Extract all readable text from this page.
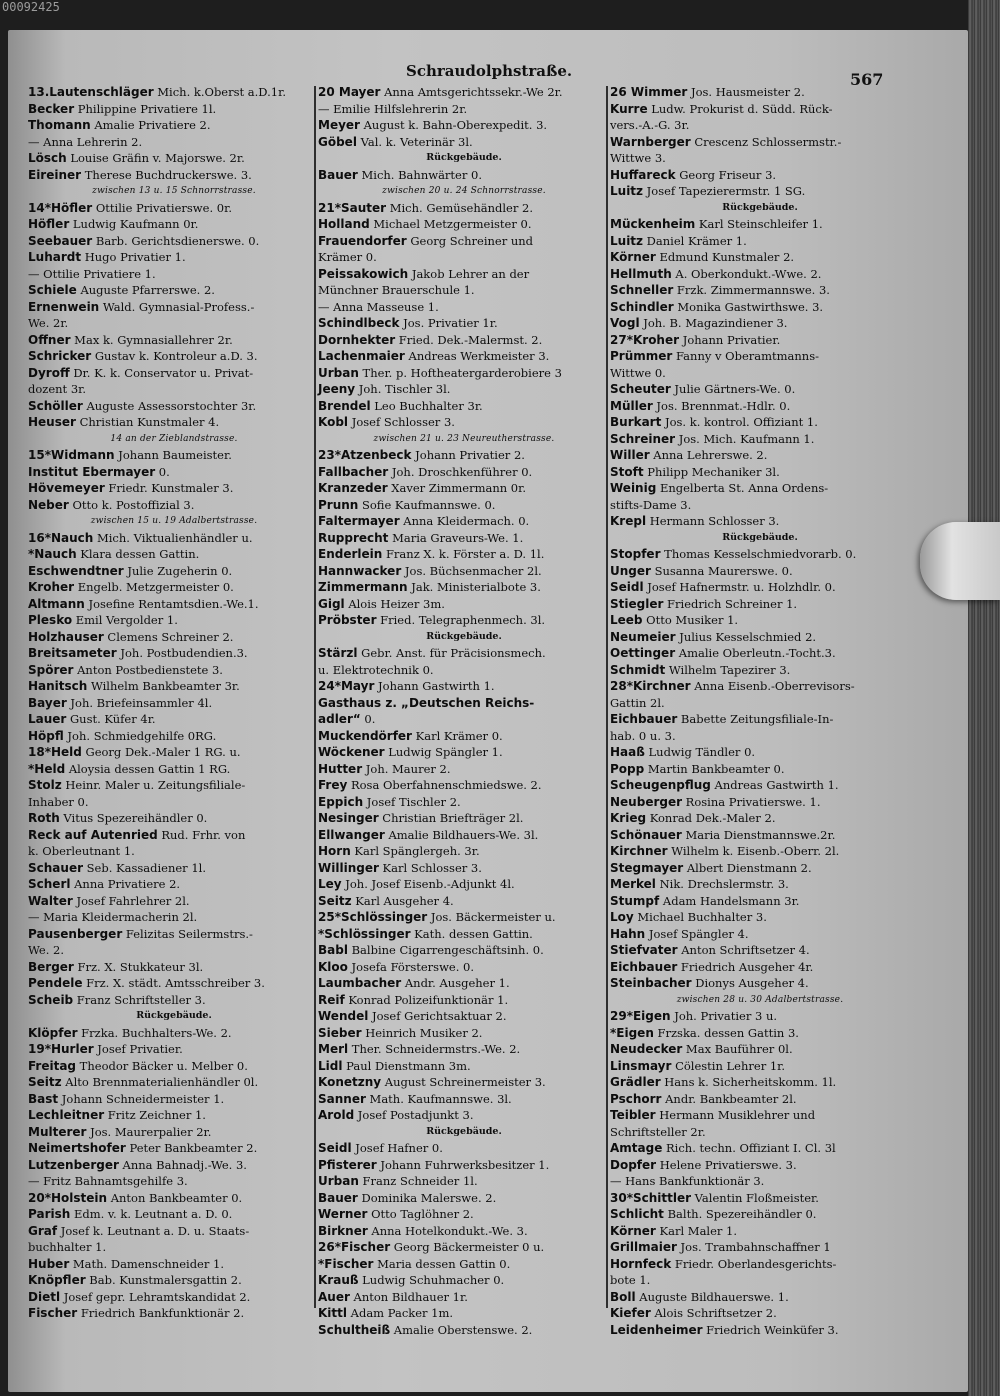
00092425
Schraudolphstraße.	567
13.Lautenschläger Mich. k.Oberst a.D.1r.
Becker Philippine Privatiere 1l.
Thomann Amalie Privatiere 2.
— Anna Lehrerin 2.
Lösch Louise Gräfin v. Majorswe. 2r.
Eireiner Therese Buchdruckerswe. 3.
zwischen 13 u. 15 Schnorrstrasse.
14*Höfler Ottilie Privatierswe. 0r.
Höfler Ludwig Kaufmann 0r.
Seebauer Barb. Gerichtsdienerswe. 0.
Luhardt Hugo Privatier 1.
— Ottilie Privatiere 1.
Schiele Auguste Pfarrerswe. 2.
Ernenwein Wald. Gymnasial-Profess.-
We. 2r.
Offner Max k. Gymnasiallehrer 2r.
Schricker Gustav k. Kontroleur a.D. 3.
Dyroff Dr. K. k. Conservator u. Privat-
dozent 3r.
Schöller Auguste Assessorstochter 3r.
Heuser Christian Kunstmaler 4.
14 an der Zieblandstrasse.
15*Widmann Johann Baumeister.
Institut Ebermayer 0.
Hövemeyer Friedr. Kunstmaler 3.
Neber Otto k. Postoffizial 3.
zwischen 15 u. 19 Adalbertstrasse.
16*Nauch Mich. Viktualienhändler u.
*Nauch Klara dessen Gattin.
Eschwendtner Julie Zugeherin 0.
Kroher Engelb. Metzgermeister 0.
Altmann Josefine Rentamtsdien.-We.1.
Plesko Emil Vergolder 1.
Holzhauser Clemens Schreiner 2.
Breitsameter Joh. Postbudendien.3.
Spörer Anton Postbedienstete 3.
Hanitsch Wilhelm Bankbeamter 3r.
Bayer Joh. Briefeinsammler 4l.
Lauer Gust. Küfer 4r.
Höpfl Joh. Schmiedgehilfe 0RG.
18*Held Georg Dek.-Maler 1 RG. u.
*Held Aloysia dessen Gattin 1 RG.
Stolz Heinr. Maler u. Zeitungsfiliale-
Inhaber 0.
Roth Vitus Spezereihändler 0.
Reck auf Autenried Rud. Frhr. von
k. Oberleutnant 1.
Schauer Seb. Kassadiener 1l.
Scherl Anna Privatiere 2.
Walter Josef Fahrlehrer 2l.
— Maria Kleidermacherin 2l.
Pausenberger Felizitas Seilermstrs.-
We. 2.
Berger Frz. X. Stukkateur 3l.
Pendele Frz. X. städt. Amtsschreiber 3.
Scheib Franz Schriftsteller 3.
Rückgebäude.
Klöpfer Frzka. Buchhalters-We. 2.
19*Hurler Josef Privatier.
Freitag Theodor Bäcker u. Melber 0.
Seitz Alto Brennmaterialienhändler 0l.
Bast Johann Schneidermeister 1.
Lechleitner Fritz Zeichner 1.
Multerer Jos. Maurerpalier 2r.
Neimertshofer Peter Bankbeamter 2.
Lutzenberger Anna Bahnadj.-We. 3.
— Fritz Bahnamtsgehilfe 3.
20*Holstein Anton Bankbeamter 0.
Parish Edm. v. k. Leutnant a. D. 0.
Graf Josef k. Leutnant a. D. u. Staats-
buchhalter 1.
Huber Math. Damenschneider 1.
Knöpfler Bab. Kunstmalersgattin 2.
Dietl Josef gepr. Lehramtskandidat 2.
Fischer Friedrich Bankfunktionär 2.
20 Mayer Anna Amtsgerichtssekr.-We 2r.
— Emilie Hilfslehrerin 2r.
Meyer August k. Bahn-Oberexpedit. 3.
Göbel Val. k. Veterinär 3l.
Rückgebäude.
Bauer Mich. Bahnwärter 0.
zwischen 20 u. 24 Schnorrstrasse.
21*Sauter Mich. Gemüsehändler 2.
Holland Michael Metzgermeister 0.
Frauendorfer Georg Schreiner und
Krämer 0.
Peissakowich Jakob Lehrer an der
Münchner Brauerschule 1.
— Anna Masseuse 1.
Schindlbeck Jos. Privatier 1r.
Dornhekter Fried. Dek.-Malermst. 2.
Lachenmaier Andreas Werkmeister 3.
Urban Ther. p. Hoftheatergarderobiere 3
Jeeny Joh. Tischler 3l.
Brendel Leo Buchhalter 3r.
Kobl Josef Schlosser 3.
zwischen 21 u. 23 Neureutherstrasse.
23*Atzenbeck Johann Privatier 2.
Fallbacher Joh. Droschkenführer 0.
Kranzeder Xaver Zimmermann 0r.
Prunn Sofie Kaufmannswe. 0.
Faltermayer Anna Kleidermach. 0.
Rupprecht Maria Graveurs-We. 1.
Enderlein Franz X. k. Förster a. D. 1l.
Hannwacker Jos. Büchsenmacher 2l.
Zimmermann Jak. Ministerialbote 3.
Gigl Alois Heizer 3m.
Pröbster Fried. Telegraphenmech. 3l.
Rückgebäude.
Stärzl Gebr. Anst. für Präcisionsmech.
u. Elektrotechnik 0.
24*Mayr Johann Gastwirth 1.
Gasthaus z. „Deutschen Reichs-
adler“ 0.
Muckendörfer Karl Krämer 0.
Wöckener Ludwig Spängler 1.
Hutter Joh. Maurer 2.
Frey Rosa Oberfahnenschmiedswe. 2.
Eppich Josef Tischler 2.
Nesinger Christian Briefträger 2l.
Ellwanger Amalie Bildhauers-We. 3l.
Horn Karl Spänglergeh. 3r.
Willinger Karl Schlosser 3.
Ley Joh. Josef Eisenb.-Adjunkt 4l.
Seitz Karl Ausgeher 4.
25*Schlössinger Jos. Bäckermeister u.
*Schlössinger Kath. dessen Gattin.
Babl Balbine Cigarrengeschäftsinh. 0.
Kloo Josefa Försterswe. 0.
Laumbacher Andr. Ausgeher 1.
Reif Konrad Polizeifunktionär 1.
Wendel Josef Gerichtsaktuar 2.
Sieber Heinrich Musiker 2.
Merl Ther. Schneidermstrs.-We. 2.
Lidl Paul Dienstmann 3m.
Konetzny August Schreinermeister 3.
Sanner Math. Kaufmannswe. 3l.
Arold Josef Postadjunkt 3.
Rückgebäude.
Seidl Josef Hafner 0.
Pfisterer Johann Fuhrwerksbesitzer 1.
Urban Franz Schneider 1l.
Bauer Dominika Malerswe. 2.
Werner Otto Taglöhner 2.
Birkner Anna Hotelkondukt.-We. 3.
26*Fischer Georg Bäckermeister 0 u.
*Fischer Maria dessen Gattin 0.
Krauß Ludwig Schuhmacher 0.
Auer Anton Bildhauer 1r.
Kittl Adam Packer 1m.
Schultheiß Amalie Oberstenswe. 2.
26 Wimmer Jos. Hausmeister 2.
Kurre Ludw. Prokurist d. Südd. Rück-
vers.-A.-G. 3r.
Warnberger Crescenz Schlossermstr.-
Wittwe 3.
Huffareck Georg Friseur 3.
Luitz Josef Tapezierermstr. 1 SG.
Rückgebäude.
Mückenheim Karl Steinschleifer 1.
Luitz Daniel Krämer 1.
Körner Edmund Kunstmaler 2.
Hellmuth A. Oberkondukt.-Wwe. 2.
Schneller Frzk. Zimmermannswe. 3.
Schindler Monika Gastwirthswe. 3.
Vogl Joh. B. Magazindiener 3.
27*Kroher Johann Privatier.
Prümmer Fanny v Oberamtmanns-
Wittwe 0.
Scheuter Julie Gärtners-We. 0.
Müller Jos. Brennmat.-Hdlr. 0.
Burkart Jos. k. kontrol. Offiziant 1.
Schreiner Jos. Mich. Kaufmann 1.
Willer Anna Lehrerswe. 2.
Stoft Philipp Mechaniker 3l.
Weinig Engelberta St. Anna Ordens-
stifts-Dame 3.
Krepl Hermann Schlosser 3.
Rückgebäude.
Stopfer Thomas Kesselschmiedvorarb. 0.
Unger Susanna Maurerswe. 0.
Seidl Josef Hafnermstr. u. Holzhdlr. 0.
Stiegler Friedrich Schreiner 1.
Leeb Otto Musiker 1.
Neumeier Julius Kesselschmied 2.
Oettinger Amalie Oberleutn.-Tocht.3.
Schmidt Wilhelm Tapezirer 3.
28*Kirchner Anna Eisenb.-Oberrevisors-
Gattin 2l.
Eichbauer Babette Zeitungsfiliale-In-
hab. 0 u. 3.
Haaß Ludwig Tändler 0.
Popp Martin Bankbeamter 0.
Scheugenpflug Andreas Gastwirth 1.
Neuberger Rosina Privatierswe. 1.
Krieg Konrad Dek.-Maler 2.
Schönauer Maria Dienstmannswe.2r.
Kirchner Wilhelm k. Eisenb.-Oberr. 2l.
Stegmayer Albert Dienstmann 2.
Merkel Nik. Drechslermstr. 3.
Stumpf Adam Handelsmann 3r.
Loy Michael Buchhalter 3.
Hahn Josef Spängler 4.
Stiefvater Anton Schriftsetzer 4.
Eichbauer Friedrich Ausgeher 4r.
Steinbacher Dionys Ausgeher 4.
zwischen 28 u. 30 Adalbertstrasse.
29*Eigen Joh. Privatier 3 u.
*Eigen Frzska. dessen Gattin 3.
Neudecker Max Bauführer 0l.
Linsmayr Cölestin Lehrer 1r.
Grädler Hans k. Sicherheitskomm. 1l.
Pschorr Andr. Bankbeamter 2l.
Teibler Hermann Musiklehrer und
Schriftsteller 2r.
Amtage Rich. techn. Offiziant I. Cl. 3l
Dopfer Helene Privatierswe. 3.
— Hans Bankfunktionär 3.
30*Schittler Valentin Floßmeister.
Schlicht Balth. Spezereihändler 0.
Körner Karl Maler 1.
Grillmaier Jos. Trambahnschaffner 1
Hornfeck Friedr. Oberlandesgerichts-
bote 1.
Boll Auguste Bildhauerswe. 1.
Kiefer Alois Schriftsetzer 2.
Leidenheimer Friedrich Weinküfer 3.
